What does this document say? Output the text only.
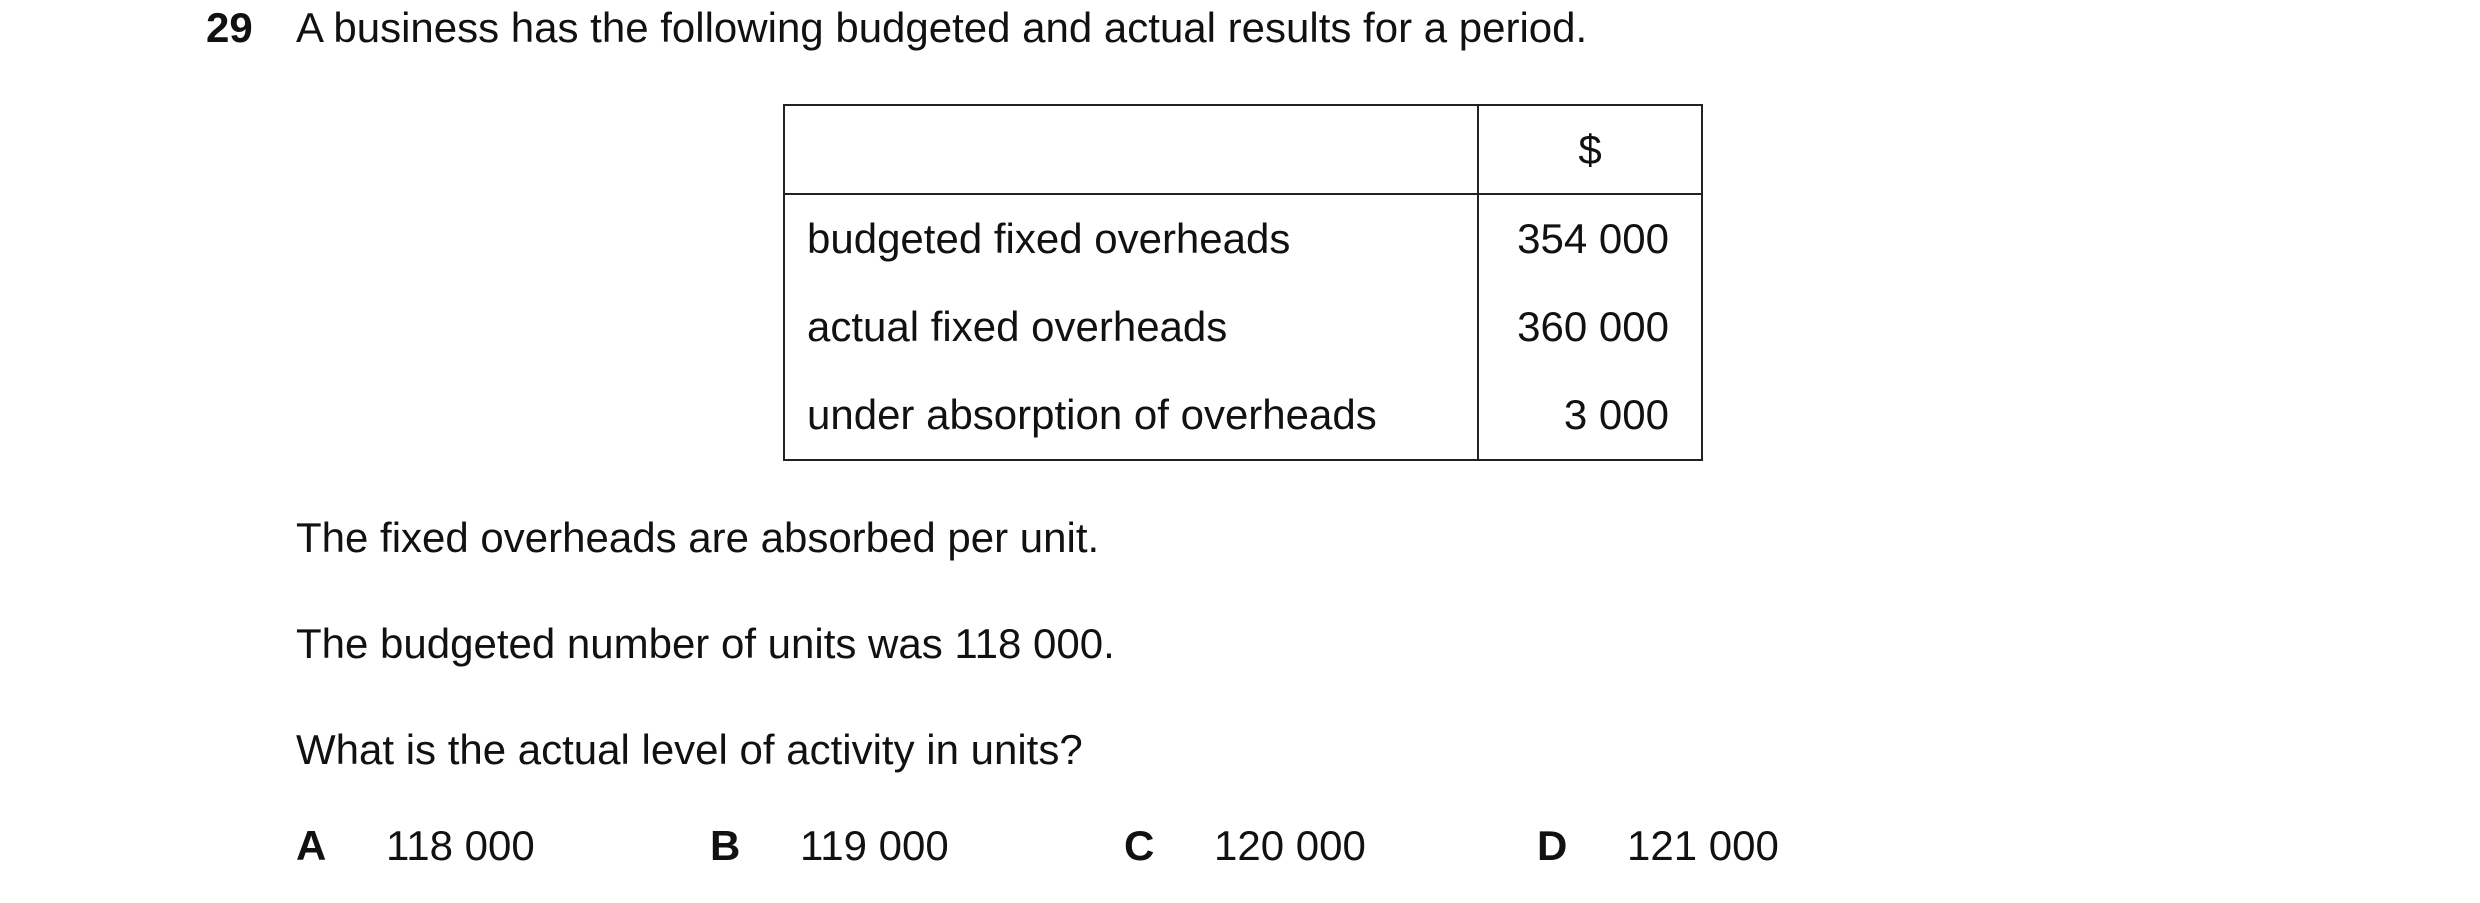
29 A business has the following budgeted and actual results for a period.
	$
budgeted fixed overheads	354 000
actual fixed overheads	360 000
under absorption of overheads	3 000
The fixed overheads are absorbed per unit.
The budgeted number of units was 118 000.
What is the actual level of activity in units?
A 118 000	B 119 000	C 120 000	D 121 000
